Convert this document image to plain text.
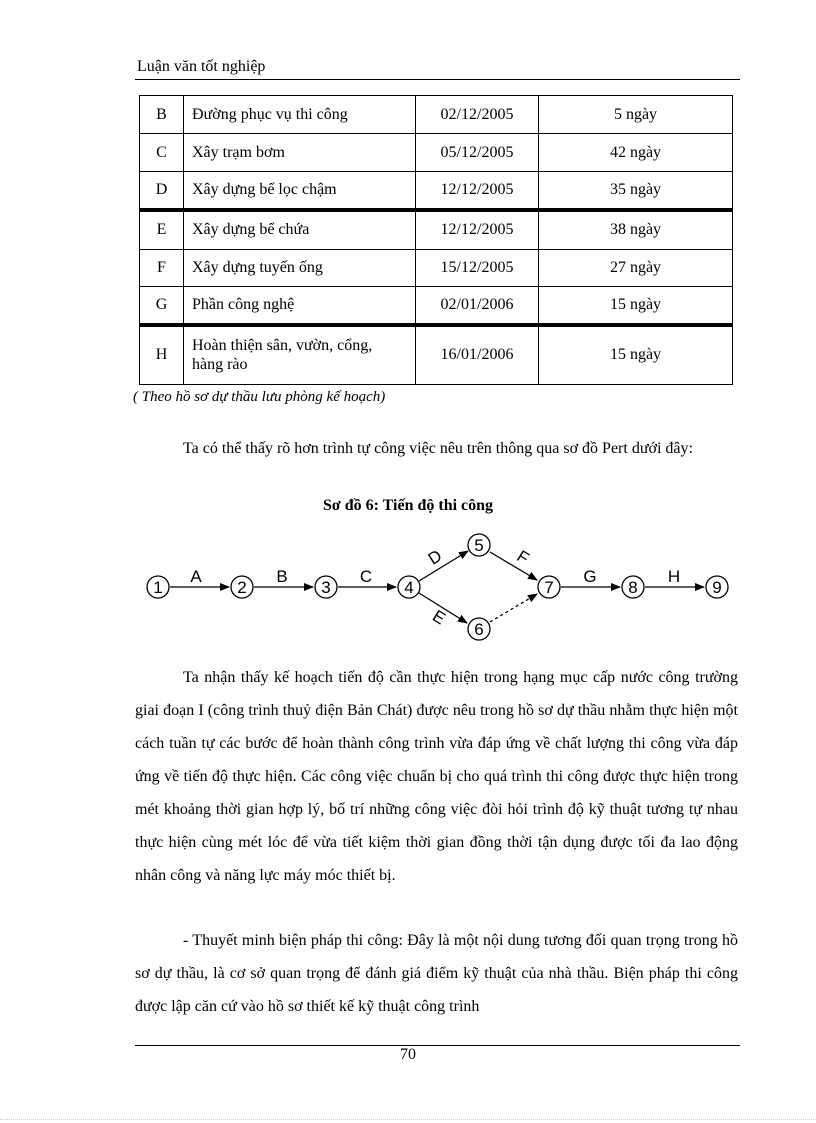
Luận văn tốt nghiệp
B	Đường phục vụ thi công	02/12/2005	5 ngày
C	Xây trạm bơm	05/12/2005	42 ngày
D	Xây dựng bể lọc chậm	12/12/2005	35 ngày
E	Xây dựng bể chứa	12/12/2005	38 ngày
F	Xây dựng tuyến ống	15/12/2005	27 ngày
G	Phần công nghệ	02/01/2006	15 ngày
H	Hoàn thiện sân, vườn, cổng,
hàng rào	16/01/2006	15 ngày
( Theo hồ sơ dự thầu lưu phòng kế hoạch)

Ta có thể thấy rõ hơn trình tự công việc nêu trên thông qua sơ đồ Pert dưới đây:

Sơ đồ 6: Tiến độ thi công
1	2	3	4
5
6
7	8	9
A	B	C	G	H
D	F
E

Ta nhận thấy kế hoạch tiến độ cần thực hiện trong hạng mục cấp nước công trường giai đoạn I (công trình thuỷ điện Bản Chát) được nêu trong hồ sơ dự thầu nhằm thực hiện một cách tuần tự các bước để hoàn thành công trình vừa đáp ứng về chất lượng thi công vừa đáp ứng về tiến độ thực hiện. Các công việc chuẩn bị cho quá trình thi công được thực hiện trong mét khoảng thời gian hợp lý, bố trí những công việc đòi hỏi trình độ kỹ thuật tương tự nhau thực hiện cùng mét lóc để vừa tiết kiệm thời gian đồng thời tận dụng được tối đa lao động nhân công và năng lực máy móc thiết bị.

- Thuyết minh biện pháp thi công: Đây là một nội dung tương đối quan trọng trong hồ sơ dự thầu, là cơ sở quan trọng để đánh giá điểm kỹ thuật của nhà thầu. Biện pháp thi công được lập căn cứ vào hồ sơ thiết kế kỹ thuật công trình

70
